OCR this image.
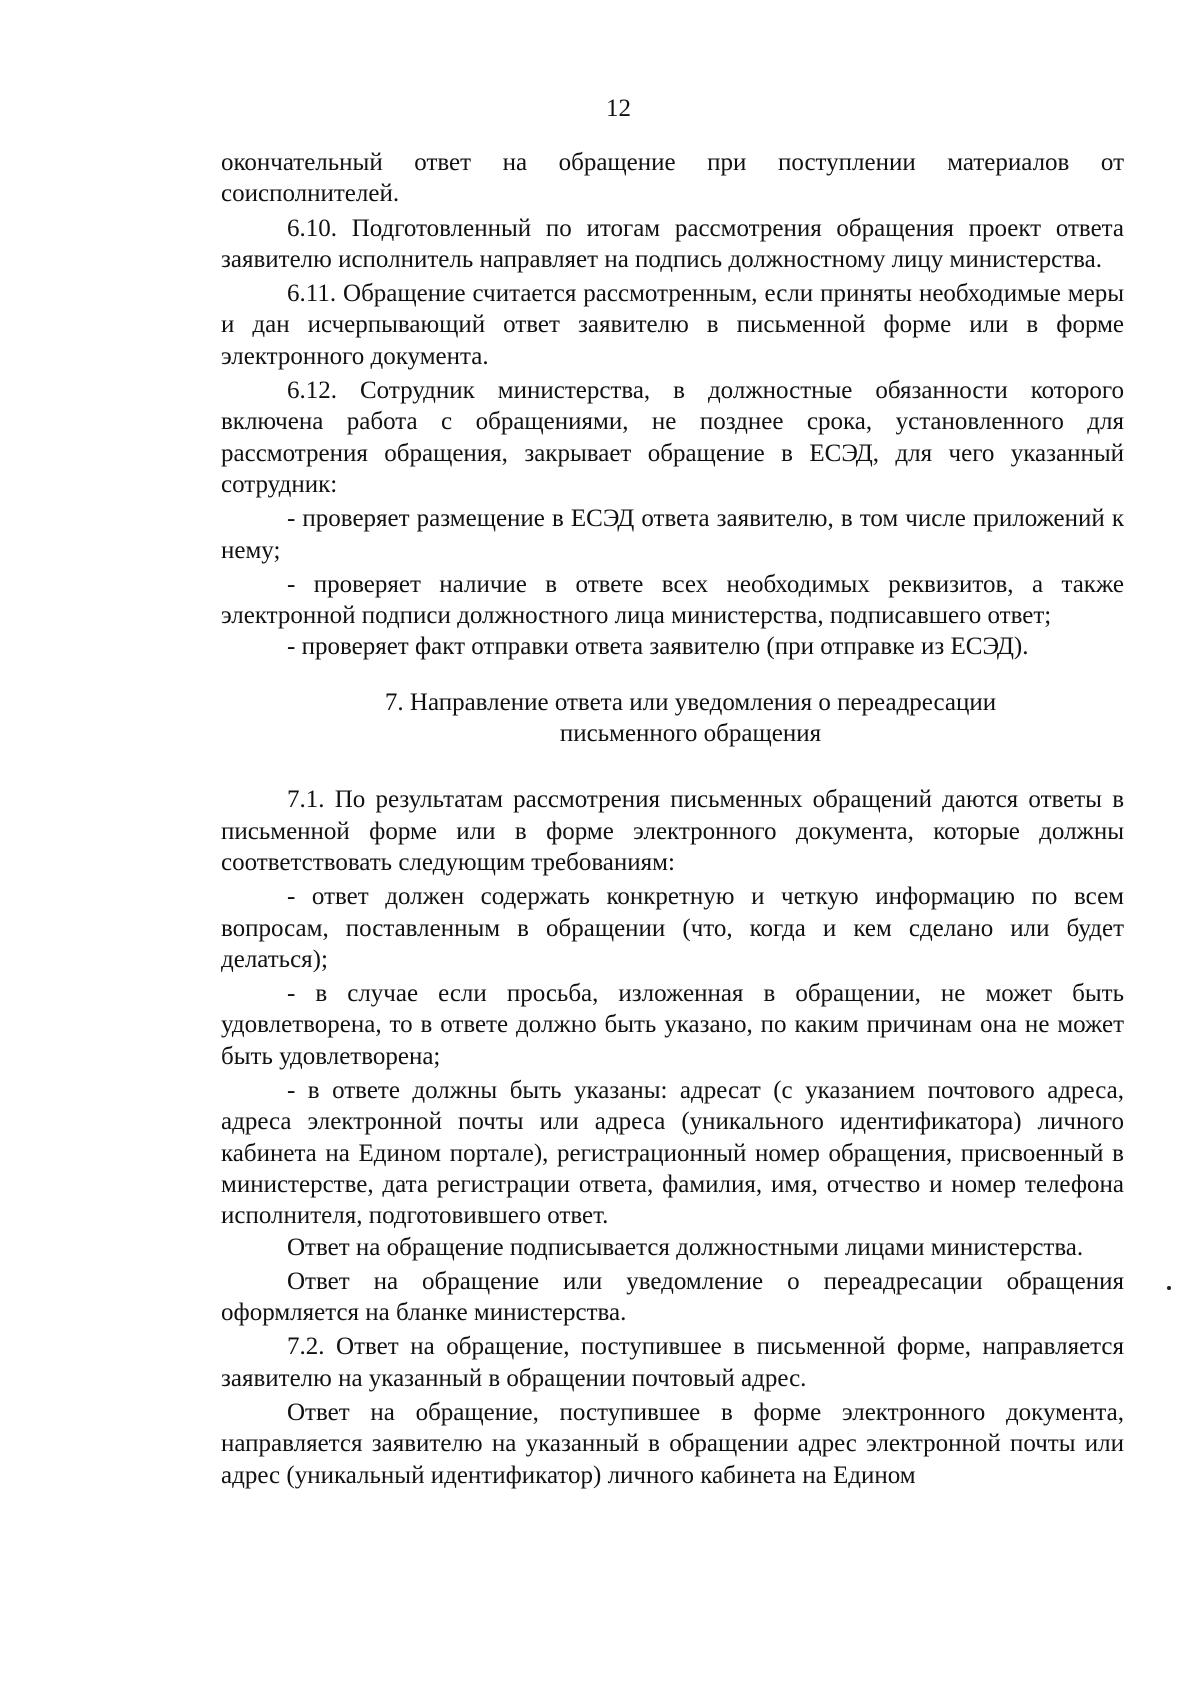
12

окончательный ответ на обращение при поступлении материалов от соисполнителей.

6.10. Подготовленный по итогам рассмотрения обращения проект ответа заявителю исполнитель направляет на подпись должностному лицу министерства.

6.11. Обращение считается рассмотренным, если приняты необходимые меры и дан исчерпывающий ответ заявителю в письменной форме или в форме электронного документа.

6.12. Сотрудник министерства, в должностные обязанности которого включена работа с обращениями, не позднее срока, установленного для рассмотрения обращения, закрывает обращение в ЕСЭД, для чего указанный сотрудник:

- проверяет размещение в ЕСЭД ответа заявителю, в том числе приложений к нему;

- проверяет наличие в ответе всех необходимых реквизитов, а также электронной подписи должностного лица министерства, подписавшего ответ;

- проверяет факт отправки ответа заявителю (при отправке из ЕСЭД).

7. Направление ответа или уведомления о переадресации
письменного обращения

7.1. По результатам рассмотрения письменных обращений даются ответы в письменной форме или в форме электронного документа, которые должны соответствовать следующим требованиям:

- ответ должен содержать конкретную и четкую информацию по всем вопросам, поставленным в обращении (что, когда и кем сделано или будет делаться);

- в случае если просьба, изложенная в обращении, не может быть удовлетворена, то в ответе должно быть указано, по каким причинам она не может быть удовлетворена;

- в ответе должны быть указаны: адресат (с указанием почтового адреса, адреса электронной почты или адреса (уникального идентификатора) личного кабинета на Едином портале), регистрационный номер обращения, присвоенный в министерстве, дата регистрации ответа, фамилия, имя, отчество и номер телефона исполнителя, подготовившего ответ.

Ответ на обращение подписывается должностными лицами министерства.

Ответ на обращение или уведомление о переадресации обращения оформляется на бланке министерства.

7.2. Ответ на обращение, поступившее в письменной форме, направляется заявителю на указанный в обращении почтовый адрес.

Ответ на обращение, поступившее в форме электронного документа, направляется заявителю на указанный в обращении адрес электронной почты или адрес (уникальный идентификатор) личного кабинета на Едином
